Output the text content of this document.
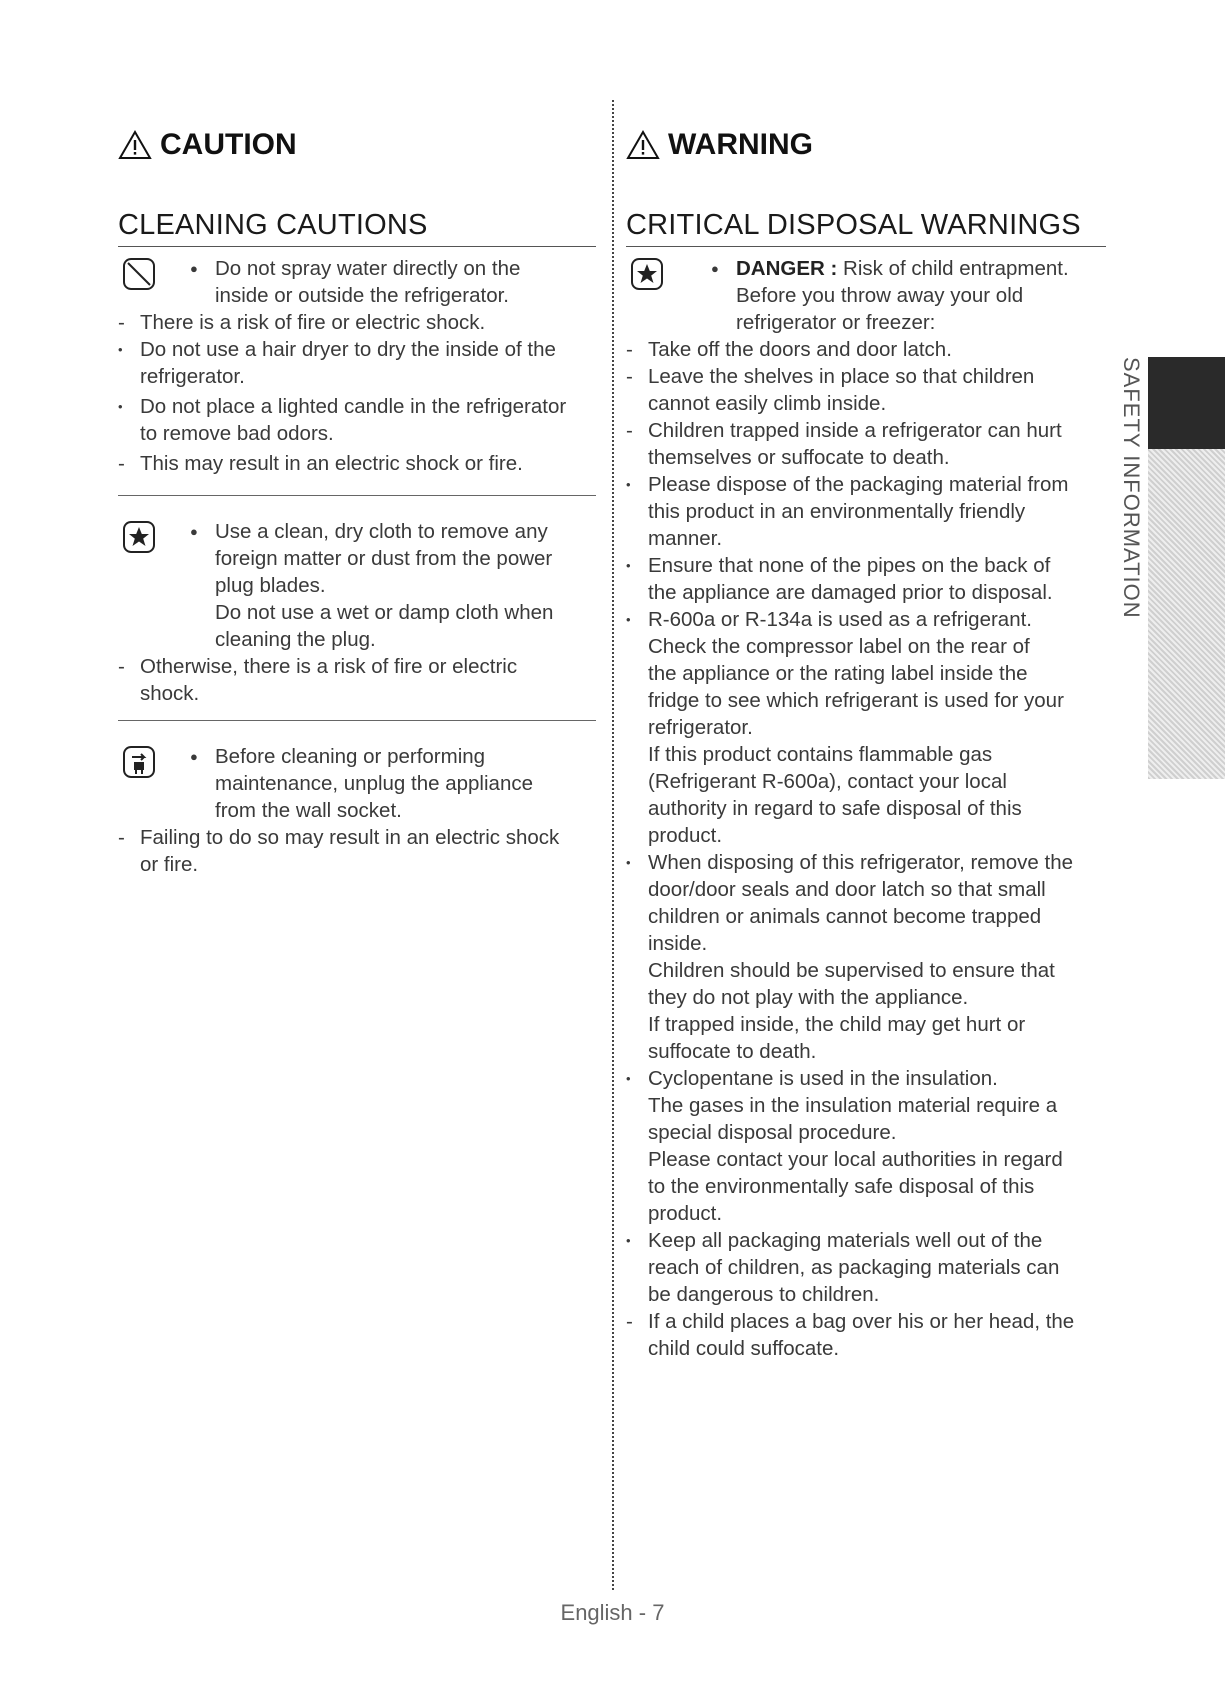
CAUTION
CLEANING CAUTIONS
● Do not spray water directly on the
inside or outside the refrigerator.
- There is a risk of fire or electric shock.
• Do not use a hair dryer to dry the inside of the
refrigerator.
• Do not place a lighted candle in the refrigerator
to remove bad odors.
- This may result in an electric shock or fire.
● Use a clean, dry cloth to remove any
foreign matter or dust from the power
plug blades.
Do not use a wet or damp cloth when
cleaning the plug.
- Otherwise, there is a risk of fire or electric
shock.
● Before cleaning or performing
maintenance, unplug the appliance
from the wall socket.
- Failing to do so may result in an electric shock
or fire.
WARNING
CRITICAL DISPOSAL WARNINGS
● DANGER : Risk of child entrapment.
Before you throw away your old
refrigerator or freezer:
- Take off the doors and door latch.
- Leave the shelves in place so that children
cannot easily climb inside.
- Children trapped inside a refrigerator can hurt
themselves or suffocate to death.
• Please dispose of the packaging material from
this product in an environmentally friendly
manner.
• Ensure that none of the pipes on the back of
the appliance are damaged prior to disposal.
• R-600a or R-134a is used as a refrigerant.
Check the compressor label on the rear of
the appliance or the rating label inside the
fridge to see which refrigerant is used for your
refrigerator.
If this product contains flammable gas
(Refrigerant R-600a), contact your local
authority in regard to safe disposal of this
product.
• When disposing of this refrigerator, remove the
door/door seals and door latch so that small
children or animals cannot become trapped
inside.
Children should be supervised to ensure that
they do not play with the appliance.
If trapped inside, the child may get hurt or
suffocate to death.
• Cyclopentane is used in the insulation.
The gases in the insulation material require a
special disposal procedure.
Please contact your local authorities in regard
to the environmentally safe disposal of this
product.
• Keep all packaging materials well out of the
reach of children, as packaging materials can
be dangerous to children.
- If a child places a bag over his or her head, the
child could suffocate.
SAFETY INFORMATION
English - 7
